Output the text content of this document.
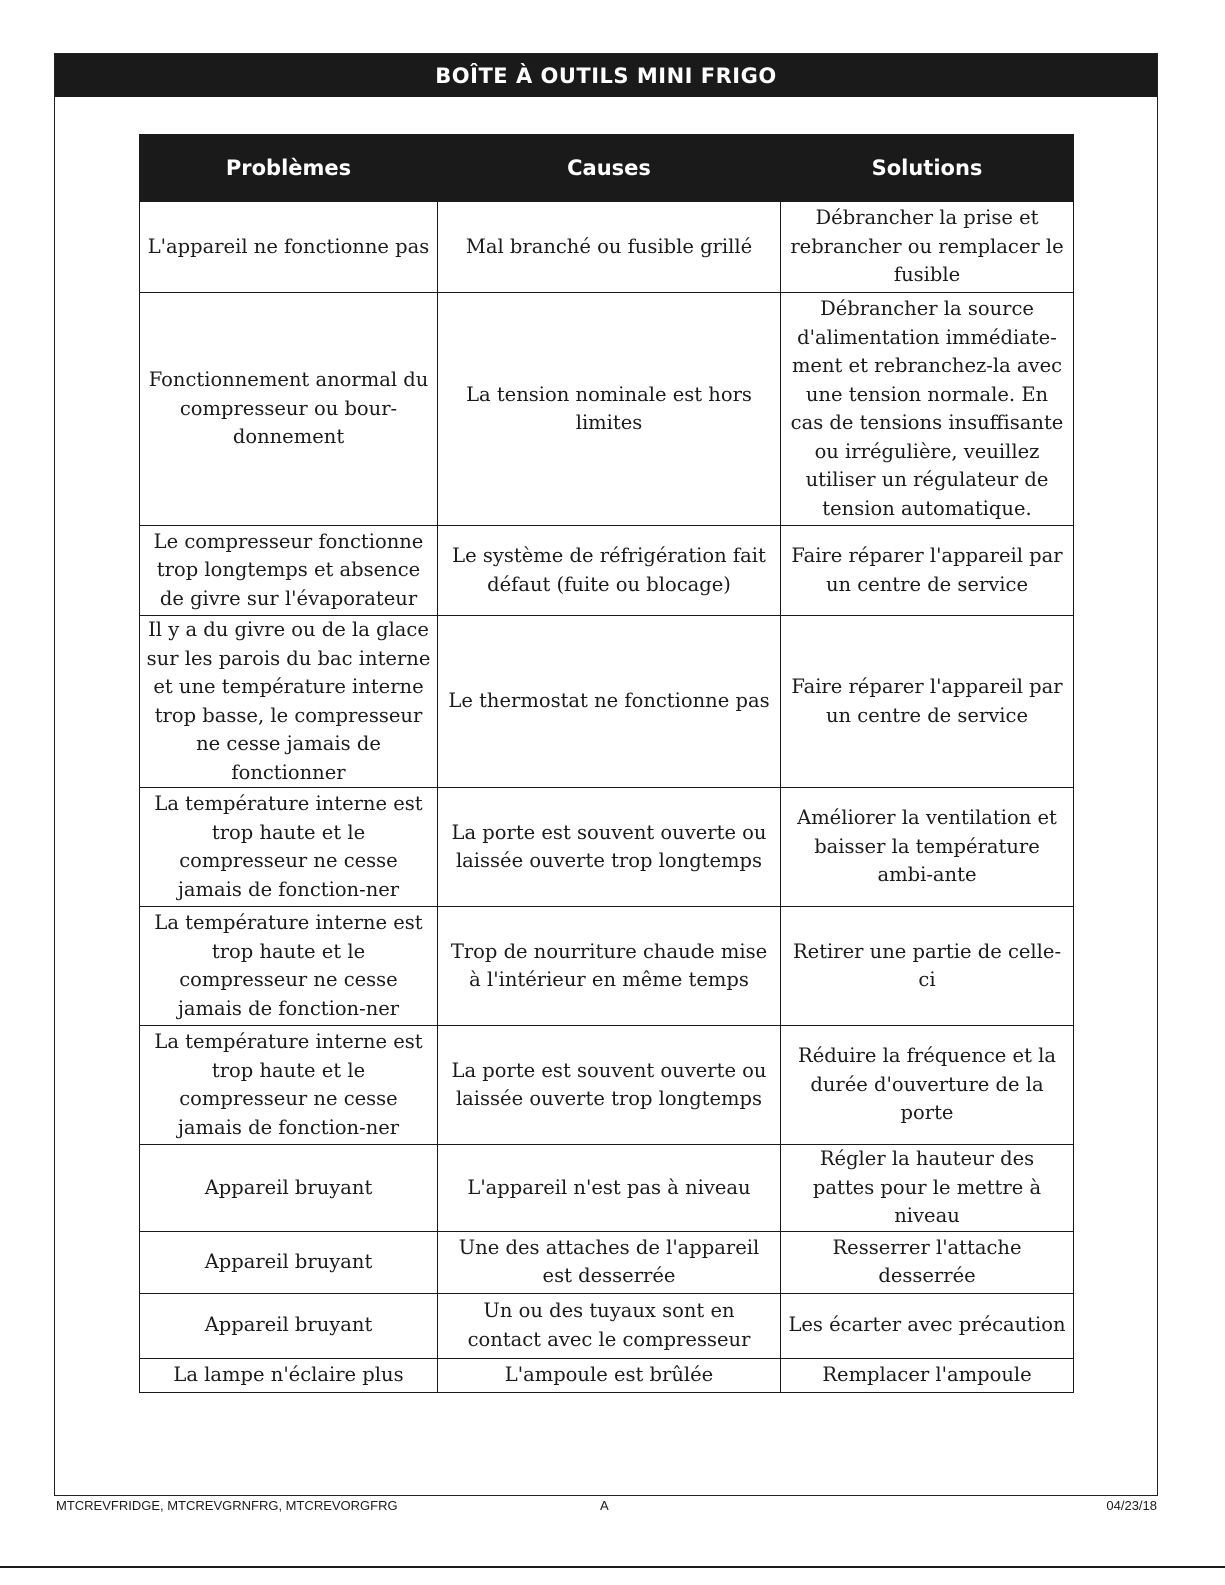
BOÎTE À OUTILS MINI FRIGO
Problèmes	Causes	Solutions
L'appareil ne fonctionne pas	Mal branché ou fusible grillé	Débrancher la prise et rebrancher ou remplacer le fusible
Fonctionnement anormal du compresseur ou bour-donnement	La tension nominale est hors limites	Débrancher la source d'alimentation immédiate-ment et rebranchez-la avec une tension normale. En cas de tensions insuffisante ou irrégulière, veuillez utiliser un régulateur de tension automatique.
Le compresseur fonctionne trop longtemps et absence de givre sur l'évaporateur	Le système de réfrigération fait défaut (fuite ou blocage)	Faire réparer l'appareil par un centre de service
Il y a du givre ou de la glace sur les parois du bac interne et une température interne trop basse, le compresseur ne cesse jamais de fonctionner	Le thermostat ne fonctionne pas	Faire réparer l'appareil par un centre de service
La température interne est trop haute et le compresseur ne cesse jamais de fonction-ner	La porte est souvent ouverte ou laissée ouverte trop longtemps	Améliorer la ventilation et baisser la température ambi-ante
La température interne est trop haute et le compresseur ne cesse jamais de fonction-ner	Trop de nourriture chaude mise à l'intérieur en même temps	Retirer une partie de celle-ci
La température interne est trop haute et le compresseur ne cesse jamais de fonction-ner	La porte est souvent ouverte ou laissée ouverte trop longtemps	Réduire la fréquence et la durée d'ouverture de la porte
Appareil bruyant	L'appareil n'est pas à niveau	Régler la hauteur des pattes pour le mettre à niveau
Appareil bruyant	Une des attaches de l'appareil est desserrée	Resserrer l'attache desserrée
Appareil bruyant	Un ou des tuyaux sont en contact avec le compresseur	Les écarter avec précaution
La lampe n'éclaire plus	L'ampoule est brûlée	Remplacer l'ampoule
MTCREVFRIDGE, MTCREVGRNFRG, MTCREVORGFRG	A	04/23/18
